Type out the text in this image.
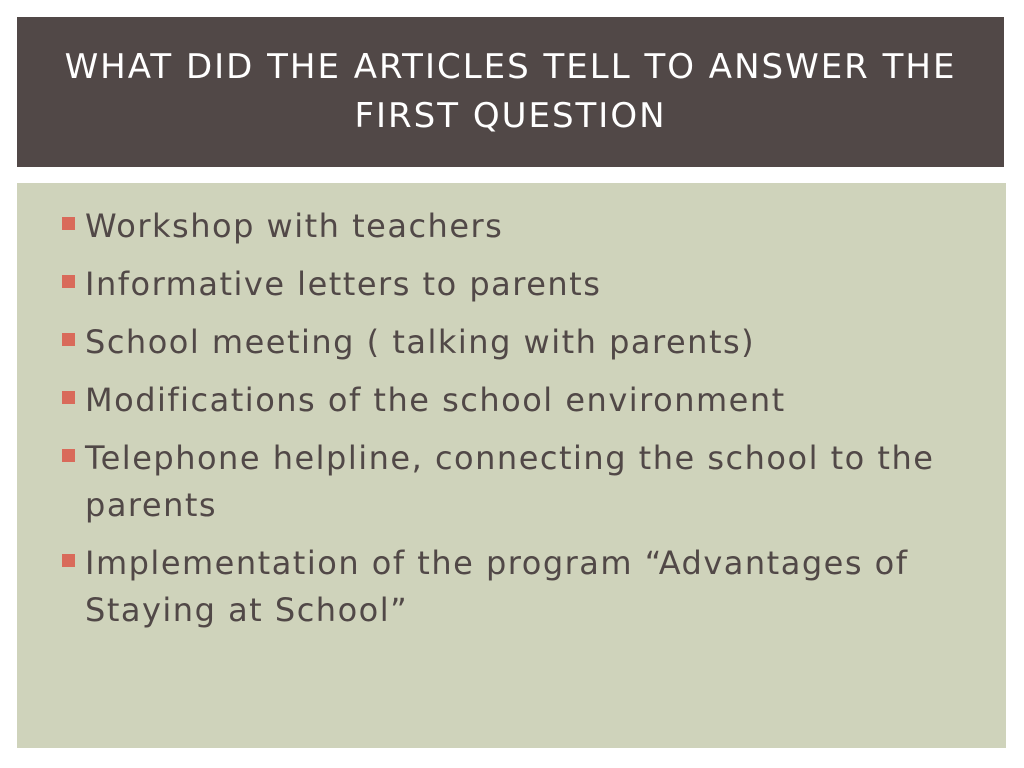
WHAT DID THE ARTICLES TELL TO ANSWER THE FIRST QUESTION
Workshop with teachers
Informative letters to parents
School meeting ( talking with parents)
Modifications of the school environment
Telephone helpline, connecting the school to the parents
Implementation of the program “Advantages of Staying at School”
